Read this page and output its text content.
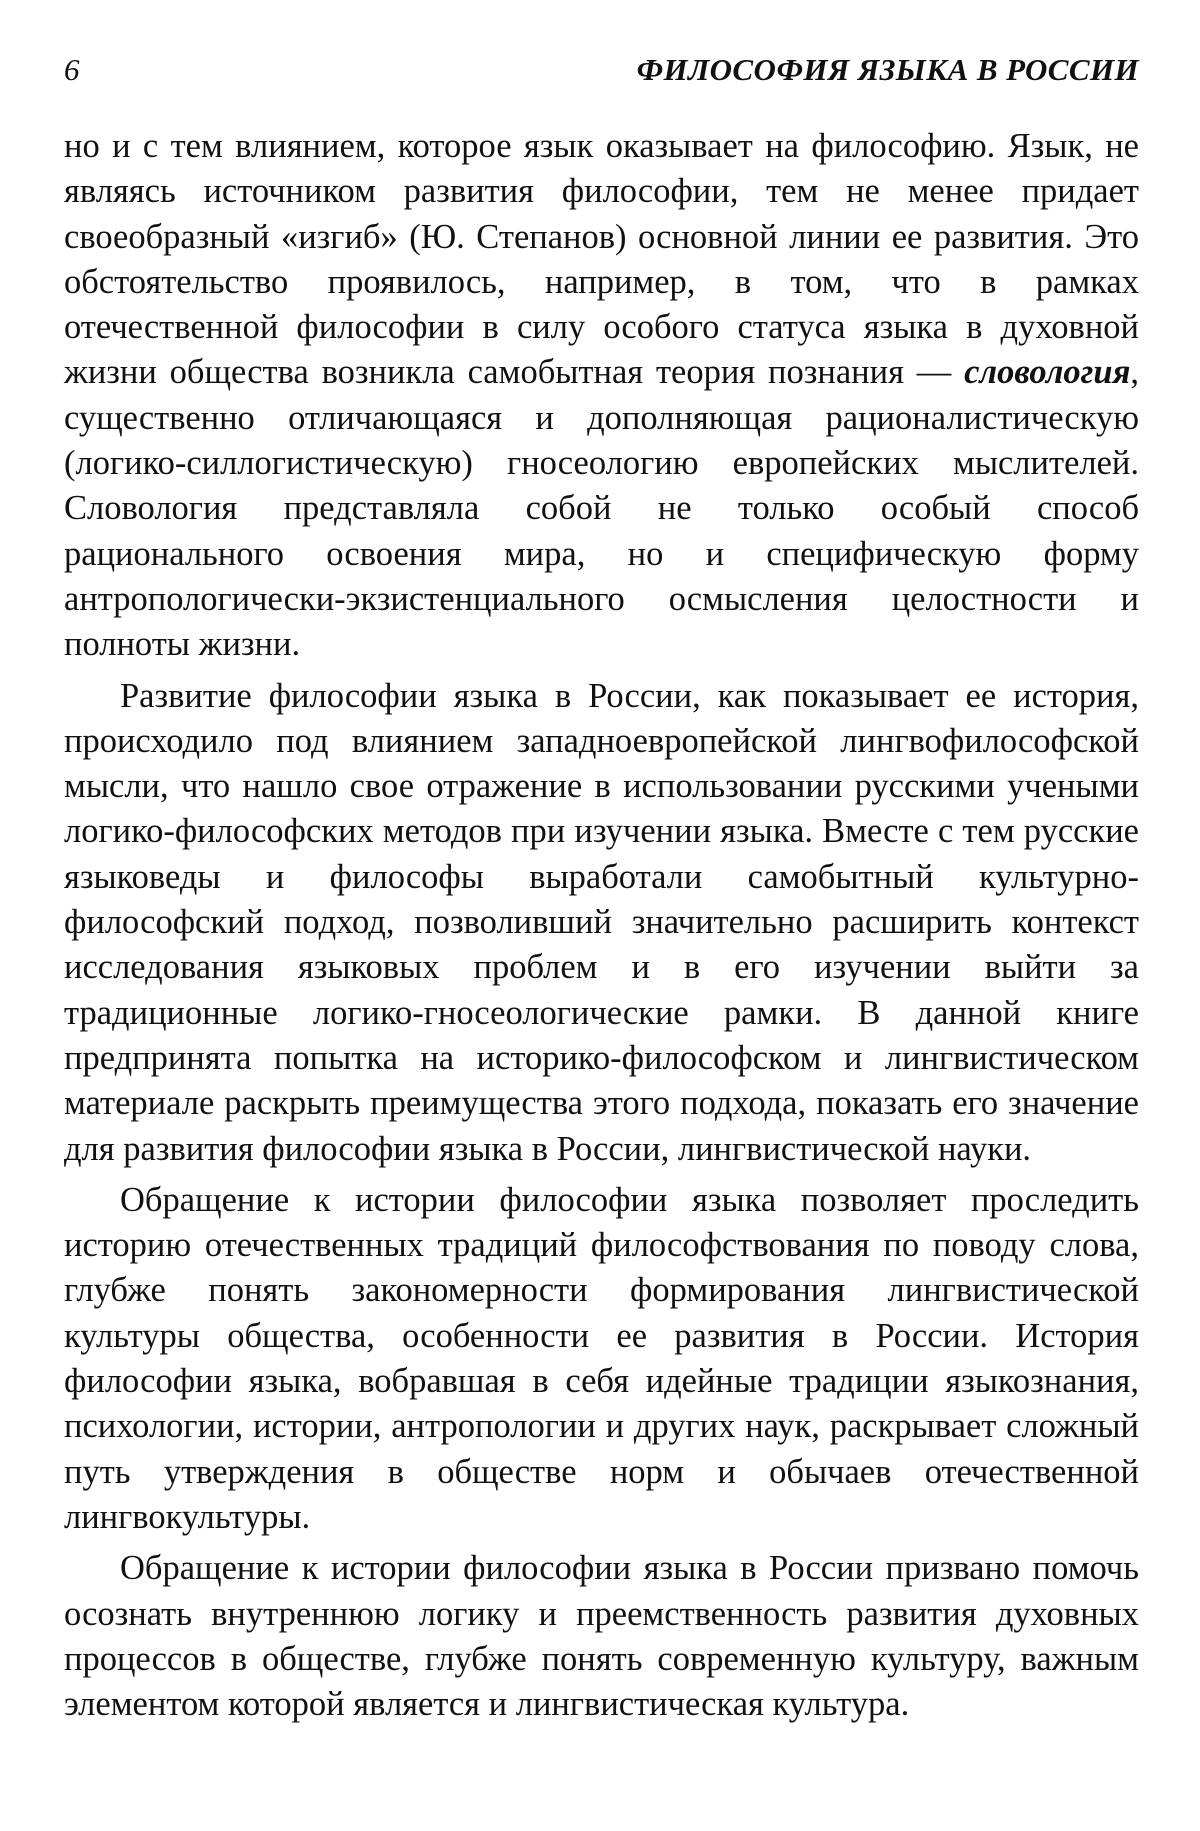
6	ФИЛОСОФИЯ ЯЗЫКА В РОССИИ

но и с тем влиянием, которое язык оказывает на философию. Язык, не являясь источником развития философии, тем не менее придает своеобразный «изгиб» (Ю. Степанов) основной линии ее развития. Это обстоятельство проявилось, например, в том, что в рамках отечественной философии в силу особого статуса языка в духовной жизни общества возникла самобытная теория познания — словология, существенно отличающаяся и дополняющая рационалистическую (логико-силлогистическую) гносеологию европейских мыслителей. Словология представляла собой не только особый способ рационального освоения мира, но и специфическую форму антропологически-экзистенциального осмысления целостности и полноты жизни.

Развитие философии языка в России, как показывает ее история, происходило под влиянием западноевропейской лингвофилософской мысли, что нашло свое отражение в использовании русскими учеными логико-философских методов при изучении языка. Вместе с тем русские языковеды и философы выработали самобытный культурно-философский подход, позволивший значительно расширить контекст исследования языковых проблем и в его изучении выйти за традиционные логико-гносеологические рамки. В данной книге предпринята попытка на историко-философском и лингвистическом материале раскрыть преимущества этого подхода, показать его значение для развития философии языка в России, лингвистической науки.

Обращение к истории философии языка позволяет проследить историю отечественных традиций философствования по поводу слова, глубже понять закономерности формирования лингвистической культуры общества, особенности ее развития в России. История философии языка, вобравшая в себя идейные традиции языкознания, психологии, истории, антропологии и других наук, раскрывает сложный путь утверждения в обществе норм и обычаев отечественной лингвокультуры.

Обращение к истории философии языка в России призвано помочь осознать внутреннюю логику и преемственность развития духовных процессов в обществе, глубже понять современную культуру, важным элементом которой является и лингвистическая культура.
